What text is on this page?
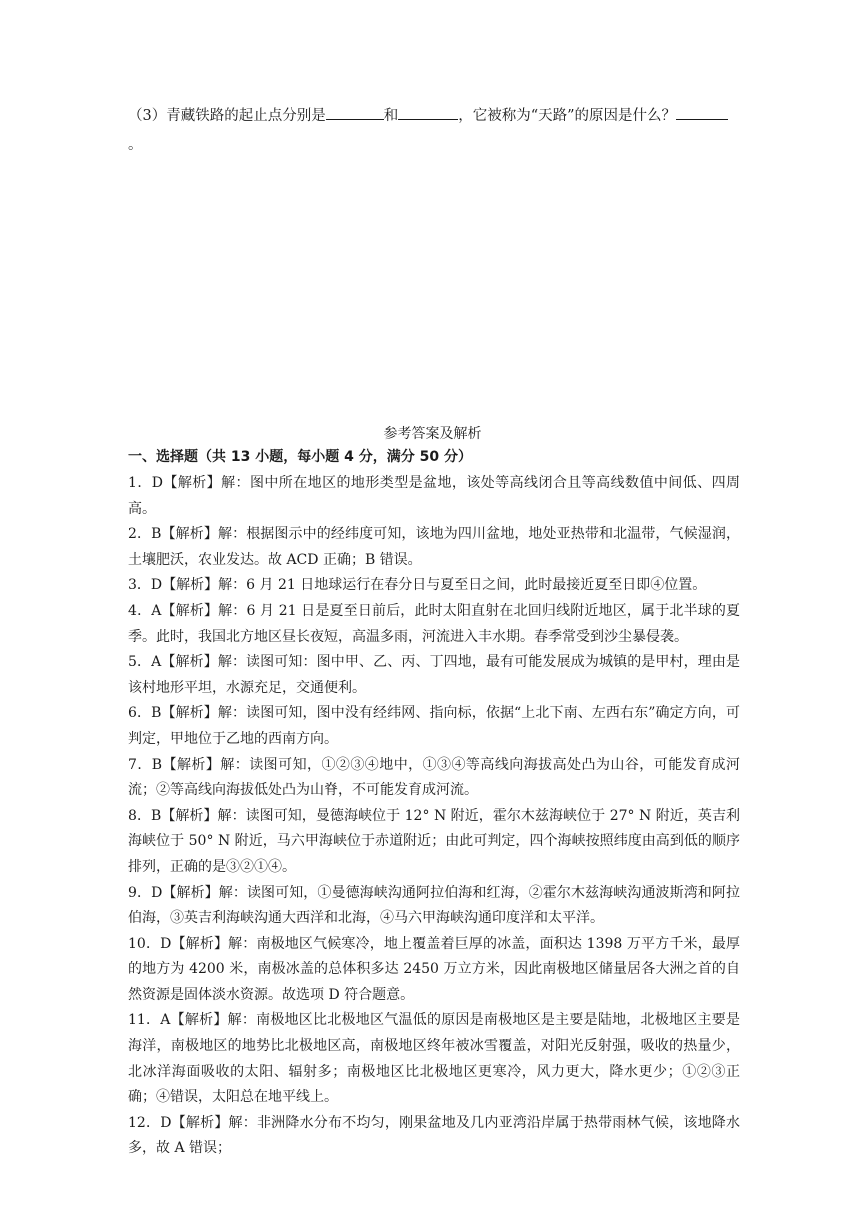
（3）青藏铁路的起止点分别是	和	，它被称为“天路”的原因是什么？。
参考答案及解析
一、选择题（共 13 小题，每小题 4 分，满分 50 分）

1．D【解析】解：图中所在地区的地形类型是盆地，该处等高线闭合且等高线数值中间低、四周高。

2．B【解析】解：根据图示中的经纬度可知，该地为四川盆地，地处亚热带和北温带，气候湿润，土壤肥沃，农业发达。故 ACD 正确；B 错误。

3．D【解析】解：6 月 21 日地球运行在春分日与夏至日之间，此时最接近夏至日即④位置。

4．A【解析】解：6 月 21 日是夏至日前后，此时太阳直射在北回归线附近地区，属于北半球的夏季。此时，我国北方地区昼长夜短，高温多雨，河流进入丰水期。春季常受到沙尘暴侵袭。

5．A【解析】解：读图可知：图中甲、乙、丙、丁四地，最有可能发展成为城镇的是甲村，理由是该村地形平坦，水源充足，交通便利。

6．B【解析】解：读图可知，图中没有经纬网、指向标，依据“上北下南、左西右东”确定方向，可判定，甲地位于乙地的西南方向。

7．B【解析】解：读图可知，①②③④地中，①③④等高线向海拔高处凸为山谷，可能发育成河流；②等高线向海拔低处凸为山脊，不可能发育成河流。

8．B【解析】解：读图可知，曼德海峡位于 12° N 附近，霍尔木兹海峡位于 27° N 附近，英吉利海峡位于 50° N 附近，马六甲海峡位于赤道附近；由此可判定，四个海峡按照纬度由高到低的顺序排列，正确的是③②①④。

9．D【解析】解：读图可知，①曼德海峡沟通阿拉伯海和红海，②霍尔木兹海峡沟通波斯湾和阿拉伯海，③英吉利海峡沟通大西洋和北海，④马六甲海峡沟通印度洋和太平洋。

10．D【解析】解：南极地区气候寒冷，地上覆盖着巨厚的冰盖，面积达 1398 万平方千米，最厚的地方为 4200 米，南极冰盖的总体积多达 2450 万立方米，因此南极地区储量居各大洲之首的自然资源是固体淡水资源。故选项 D 符合题意。

11．A【解析】解：南极地区比北极地区气温低的原因是南极地区是主要是陆地，北极地区主要是海洋，南极地区的地势比北极地区高，南极地区终年被冰雪覆盖，对阳光反射强，吸收的热量少，北冰洋海面吸收的太阳、辐射多；南极地区比北极地区更寒冷，风力更大，降水更少；①②③正确；④错误，太阳总在地平线上。

12．D【解析】解：非洲降水分布不均匀，刚果盆地及几内亚湾沿岸属于热带雨林气候，该地降水多，故 A 错误；
